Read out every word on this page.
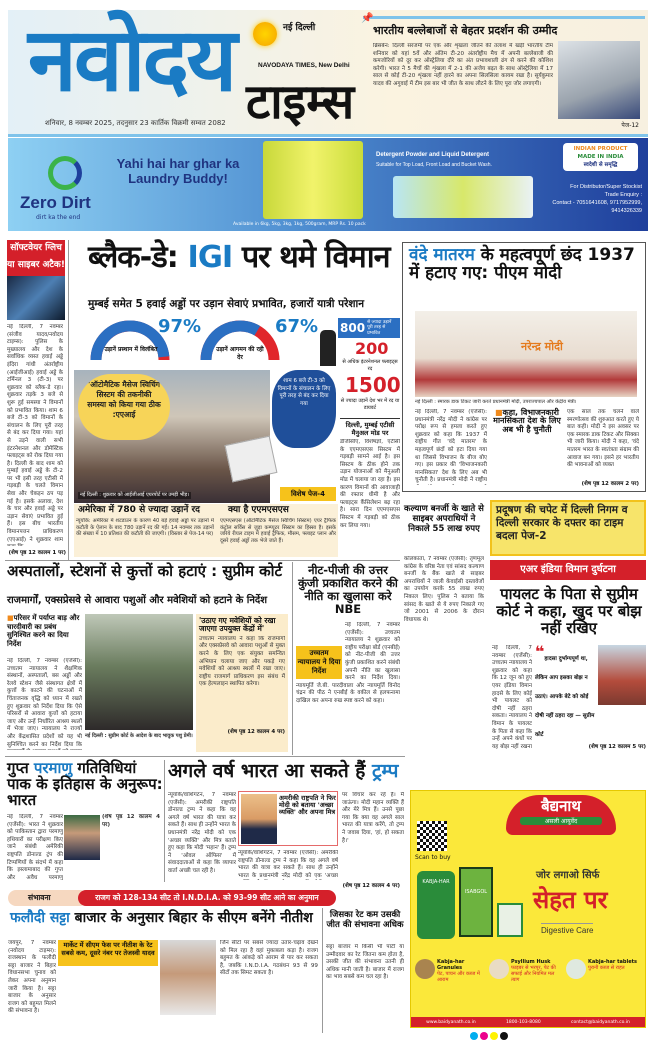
नवोदय	नई दिल्ली
NAVODAYA TIMES, New Delhi
टाइम्स
शनिवार, 8 नवम्बर 2025, तदनुसार 23 कार्तिक विक्रमी सम्वत 2082
📌
भारतीय बल्लेबाजों से बेहतर प्रदर्शन की उम्मीद
ब्रिसबेन: दिल्ली सरजमीं पर एक और शृंखला जीतने की तलाश में खड़ी भारतीय टीम शनिवार को यहां 5वें और अंतिम टी-20 अंतर्राष्ट्रीय मैच में अपनी बल्लेबाजी की कमजोरियों को दूर कर ऑस्ट्रेलिया दौरे का अंत प्रभावशाली ढंग से करने की कोशिश करेगी। भारत ने 5 मैचों की शृंखला में 2-1 की अजेय बढ़त के साथ ऑस्ट्रेलिया में 17 साल से कोई टी-20 शृंखला नहीं हारने का अपना सिलसिला कायम रखा है। सूर्यकुमार यादव की अगुवाई में टीम इस बार भी जीत के साथ लौटने के लिए पूरा जोर लगाएगी।
पेज-12
Zero Dirt
dirt ka the end
Yahi hai har ghar ka Laundry Buddy!
Available in 6kg, 5kg, 3kg, 1kg, 500gram, MRP Rs. 10 pack
Detergent Powder and Liquid Detergent
Suitable for Top Load, Front Load and Bucket Wash.
INDIAN PRODUCT
MADE IN INDIA
स्वदेशी से समृद्धि
For Distributor/Super Stockist
Trade Enquiry :
Contact - 7051641608, 9717952999, 9414326339
सॉफ्टवेयर ग्लिच या साइबर अटैक!
नई दिल्ली, 7 नवम्बर (संजीव यादव/नवोदय टाइम्स): पुलिस के मुख्यालय और देश के सर्वाधिक व्यस्त हवाई अड्डे इंदिरा गांधी अंतर्राष्ट्रीय (आईजीआई) हवाई अड्डे के टर्मिनल 3 (टी-3) पर शुक्रवार को ब्लैक-डे रहा। शुक्रवार तड़के 3 बजे से शुरू हुई समस्या ने विमानों को प्रभावित किया। शाम 6 बजे टी-3 को विमानों के संचालन के लिए पूरी तरह से बंद कर दिया गया। यहां से उड़ने वाली सभी इंटरनेशनल और डोमेस्टिक फ्लाइट्स को रोक दिया गया है। दिल्ली के बाद शाम को मुम्बई हवाई अड्डे के टी-2 पर भी इसी तरह एटीसी में गड़बड़ी के चलते विमान सेवा और चेकइन ठप पड़ गई है। इसके अलावा, देश के चार और हवाई अड्डे पर उड़ान सेवाएं प्रभावित हुई हैं। इस बीच भारतीय विमानपत्तन प्राधिकरण (एएआई) ने शुक्रवार शाम
(शेष पृष्ठ 12 कालम 1 पर)
ब्लैक-डे: IGI पर थमे विमान
मुम्बई समेत 5 हवाई अड्डों पर उड़ान सेवाएं प्रभावित, हजारों यात्री परेशान
97%
उड़ानें प्रस्थान में विलंबित
67%
उड़ानें आगमन की रही देर
'ऑटोमैटिक मैसेज स्विचिंग सिस्टम की तकनीकी समस्या को किया गया ठीक :एएआई
नई दिल्ली : शुक्रवार को आईजीआई एयरपोर्ट पर उमड़ी भीड़।	विशेष पेज-4
शाम 6 बजे टी-3 को विमानों के संचालन के लिए पूरी तरह से बंद कर दिया गया
800 से ज्यादा उड़ानें पूरी तरह से प्रभावित
200
से अधिक इंटरनेशनल फ्लाइट्स रद
1500
से ज्यादा उड़ानें देश भर में रद या डायवर्ट
दिल्ली, मुम्बई एटीसी मैनुअल मोड पर
डीजीसीए, विशेषज्ञों, एटीसी के एएमएसएस सिस्टम में गड़बड़ी सामने आई है। इस सिस्टम के ठीक होने तक उड़ान योजनाओं को मैनुअली मोड में चलाया जा रहा है। इस कारण विमानों की आवाजाही की रफ्तार धीमी है और फ्लाइट्स कैंसिलेशन बढ़ रहा है। सारा दिन एएमएसएस सिस्टम में गड़बड़ी को ठीक कर लिया गया।
अमेरिका में 780 से ज्यादा उड़ानें रद
न्यूयॉर्क: अमेरिका में शटडाउन के कारण 40 बड़े हवाई अड्डों पर उड़ानों में कटौती के ऐलान के बाद 780 उड़ानें रद की गईं। 14 नवम्बर तक उड़ानों की संख्या में 10 प्रतिशत की कटौती की जाएगी। (विस्तार से पेज-14 पर)
क्या है एएमएसएस
एएमएसएस (ऑटोमैटिक मैसेज स्विचिंग सिस्टम) एयर ट्रैफिक कंट्रोल सर्विस से जुड़ा कम्प्यूटर सिस्टम का हिस्सा है। इसके जरिये रीयल टाइम में हवाई ट्रैफिक, मौसम, फ्लाइट प्लान और दूसरे हवाई अड्डों तक भेजे जाते हैं।
वंदे मातरम के महत्वपूर्ण छंद 1937 में हटाए गए: पीएम मोदी
नरेन्द्र मोदी
नई दिल्ली : स्मारक डाक टिकट जारी करते प्रधानमंत्री मोदी, उपराज्यपाल और केंद्रीय मंत्री।
नई दिल्ली, 7 नवम्बर (एजेंसी): प्रधानमंत्री नरेंद्र मोदी ने कांग्रेस पर परोक्ष रूप से हमला करते हुए शुक्रवार को कहा कि 1937 में राष्ट्रीय गीत 'वंदे मातरम' के महत्वपूर्ण छंदों को हटा दिया गया था जिससे विभाजन के बीज बोए गए। इस प्रकार की 'विभाजनकारी मानसिकता' देश के लिए अब भी चुनौती है। प्रधानमंत्री मोदी ने राष्ट्रीय
■कहा, विभाजनकारी मानसिकता देश के लिए अब भी है चुनौती
एक साल तक चलने वाले स्मरणोत्सव की शुरुआत करते हुए ये बात कही। मोदी ने इस अवसर पर एक स्मारक डाक टिकट और सिक्का भी जारी किया। मोदी ने कहा, 'वंदे मातरम भारत के स्वतंत्रता संग्राम की आवाज बन गया। इसने हर भारतीय की भावनाओं को व्यक्त
(शेष पृष्ठ 12 कालम 2 पर)
कल्याण बनर्जी के खाते से साइबर अपराधियों ने निकाले 55 लाख रुपए
कोलकाता, 7 नवम्बर (एजेंसी): तृणमूल कांग्रेस के वरिष्ठ नेता एवं सांसद कल्याण बनर्जी के बैंक खाते से साइबर अपराधियों ने जाली केवाईसी दस्तावेजों का उपयोग करके 55 लाख रुपए निकाल लिए। पुलिस ने बताया कि सांसद के खाते से ये रुपए निकाले गए जो 2001 से 2006 के दौरान विधायक थे।
प्रदूषण की चपेट में दिल्ली निगम व दिल्ली सरकार के दफ्तर का टाइम बदला पेज-2
एअर इंडिया विमान दुर्घटना
पायलट के पिता से सुप्रीम कोर्ट ने कहा, खुद पर बोझ नहीं रखिए
नई दिल्ली, 7 नवम्बर (एजेंसी): उच्चतम न्यायालय ने शुक्रवार को कहा कि 12 जून को हुए एयर इंडिया विमान हादसे के लिए कोई भी पायलट को दोषी नहीं ठहरा सकता। न्यायालय ने विमान के पायलट के पिता से कहा कि उन्हें अपने कंधों पर यह बोझ नहीं रखना
❝ हादसा दुर्भाग्यपूर्ण था, लेकिन आप इसका बोझ न उठाएं। आपके बेटे को कोई दोषी नहीं ठहरा रहा — सुप्रीम कोर्ट
(शेष पृष्ठ 12 कालम 5 पर)
अस्पतालों, स्टेशनों से कुत्तों को हटाएं : सुप्रीम कोर्ट
राजमार्गों, एक्सप्रेसवे से आवारा पशुओं और मवेशियों को हटाने के निर्देश
■परिसर में पर्याप्त बाड़ और चारदीवारी का प्रबंध सुनिश्चित करने का दिया निर्देश
नई दिल्ली, 7 नवम्बर (एजेंसी): उच्चतम न्यायालय ने शैक्षणिक संस्थानों, अस्पतालों, बस अड्डों और रेलवे स्टेशन जैसे संस्थागत क्षेत्रों में कुत्तों के काटने की घटनाओं में चिंताजनक वृद्धि को ध्यान में रखते हुए शुक्रवार को निर्देश दिया कि ऐसे परिसरों से आवारा कुत्तों को हटाया जाए और उन्हें निर्धारित आश्रय स्थलों में भेजा जाए। न्यायालय ने राज्यों और केंद्रशासित प्रदेशों को यह भी सुनिश्चित करने का निर्देश दिया कि
नई दिल्ली : सुप्रीम कोर्ट के आदेश के बाद भावुक पशु प्रेमी।
'उठाए गए मवेशियों को रखा जाएगा उपयुक्त केंद्रों में'
उच्चतम न्यायालय ने कहा कि राजमार्गों और एक्सप्रेसवे को आवारा पशुओं से मुक्त करने के लिए एक संयुक्त समन्वित अभियान चलाया जाए और पकड़े गए मवेशियों को आश्रय स्थलों में रखा जाए। राष्ट्रीय राजमार्ग प्राधिकरण इस संबंध में एक हेल्पलाइन स्थापित करेगा।
(शेष पृष्ठ 12 कालम 4 पर)
नीट-पीजी की उत्तर कुंजी प्रकाशित करने की नीति का खुलासा करे NBE
उच्चतम न्यायालय ने दिया निर्देश
नई दिल्ली, 7 नवम्बर (एजेंसी): उच्चतम न्यायालय ने शुक्रवार को राष्ट्रीय परीक्षा बोर्ड (एनबीई) को नीट-पीजी की उत्तर कुंजी प्रकाशित करने संबंधी अपनी नीति का खुलासा करने का निर्देश दिया। न्यायमूर्ति जे.बी. पारदीवाला और न्यायमूर्ति विनोद चंद्रन की पीठ ने एनबीई के वकील से हलफनामा दाखिल कर अपना रुख स्पष्ट करने को कहा।
गुप्त परमाणु गतिविधियां पाक के इतिहास के अनुरूप: भारत
नई दिल्ली, 7 नवम्बर (एजेंसी): भारत ने शुक्रवार को पाकिस्तान द्वारा परमाणु हथियारों का परीक्षण किए जाने संबंधी अमेरिकी राष्ट्रपति डोनाल्ड ट्रंप की टिप्पणियों के संदर्भ में कहा कि इस्लामाबाद की गुप्त और अवैध परमाणु
(शेष पृष्ठ 12 कालम 4 पर)
अगले वर्ष भारत आ सकते हैं ट्रम्प
न्यूयॉर्क/वाशिंगटन, 7 नवम्बर (एजेंसी): अमरीकी राष्ट्रपति डोनाल्ड ट्रम्प ने कहा कि वह अगले वर्ष भारत की यात्रा कर सकते हैं। साथ ही उन्होंने भारत के प्रधानमंत्री नरेंद्र मोदी को एक 'अच्छा व्यक्ति' और मित्र बताते हुए कहा कि मोदी 'महान' हैं। ट्रम्प ने 'ओवल ऑफिस' में संवाददाताओं से कहा कि व्यापार वार्ता अच्छी चल रही है।
अमरीकी राष्ट्रपति ने फिर मोदी को बताया 'अच्छा व्यक्ति' और अपना मित्र
पर विचार कर रहे हैं। मैं जाऊंगा। मोदी महान व्यक्ति हैं और मेरे मित्र हैं। उनसे पूछा गया कि क्या वह अगले साल भारत की यात्रा करेंगे, तो ट्रम्प ने जवाब दिया, 'हां, हो सकता है।'
न्यूयॉर्क/वाशिंगटन, 7 नवम्बर (एजेंसी): अमरीकी राष्ट्रपति डोनाल्ड ट्रम्प ने कहा कि वह अगले वर्ष भारत की यात्रा कर सकते हैं। साथ ही उन्होंने भारत के प्रधानमंत्री नरेंद्र मोदी को एक 'अच्छा
(शेष पृष्ठ 12 कालम 4 पर)
संभावना	राजग को 128-134 सीट तो I.N.D.I.A. को 93-99 सीट आने का अनुमान
फलौदी सट्टा बाजार के अनुसार बिहार के सीएम बनेंगे नीतीश
जयपुर, 7 नवम्बर (नवोदय टाइम्स): राजस्थान के फलौदी सट्टा बाजार ने बिहार विधानसभा चुनाव को लेकर अपना अनुमान जारी किया है। सट्टा बाजार के अनुसार राजग को बहुमत मिलने की संभावना है।
मार्केट में सीएम फेस पर नीतीश के रेट सबसे कम, दूसरे नंबर पर तेजस्वी यादव
जिन सीटों पर सबसे ज्यादा उतार-चढ़ाव देखने को मिल रहा है वहां मुकाबला कड़ा है। राजग बहुमत के आंकड़े को आराम से पार कर सकता है, जबकि I.N.D.I.A. गठबंधन 93 से 99 सीटों तक सिमट सकता है।
जिसका रेट कम उसकी जीत की संभावना अधिक
सट्टा बाजार में किसी भी पार्टी या उम्मीदवार का रेट जितना कम होता है, उसकी जीत की संभावना उतनी ही अधिक मानी जाती है। बाजार में राजग का भाव सबसे कम चल रहा है।
Scan to buy
बैद्यनाथ
असली आयुर्वेद
KABJA-HAR
ISABGOL
जोर लगाओ सिर्फ
सेहत पर
Digestive Care
Kabja-har Granules
पेट, पाचन और कब्ज में आराम
Psyllium Husk
फाइबर से भरपूर, पेट की सफाई और नियमित मल त्याग
Kabja-har tablets
पुरानी कब्ज से राहत
www.baidyanath.co.in	1800-103-8080	contact@baidyanath.co.in
